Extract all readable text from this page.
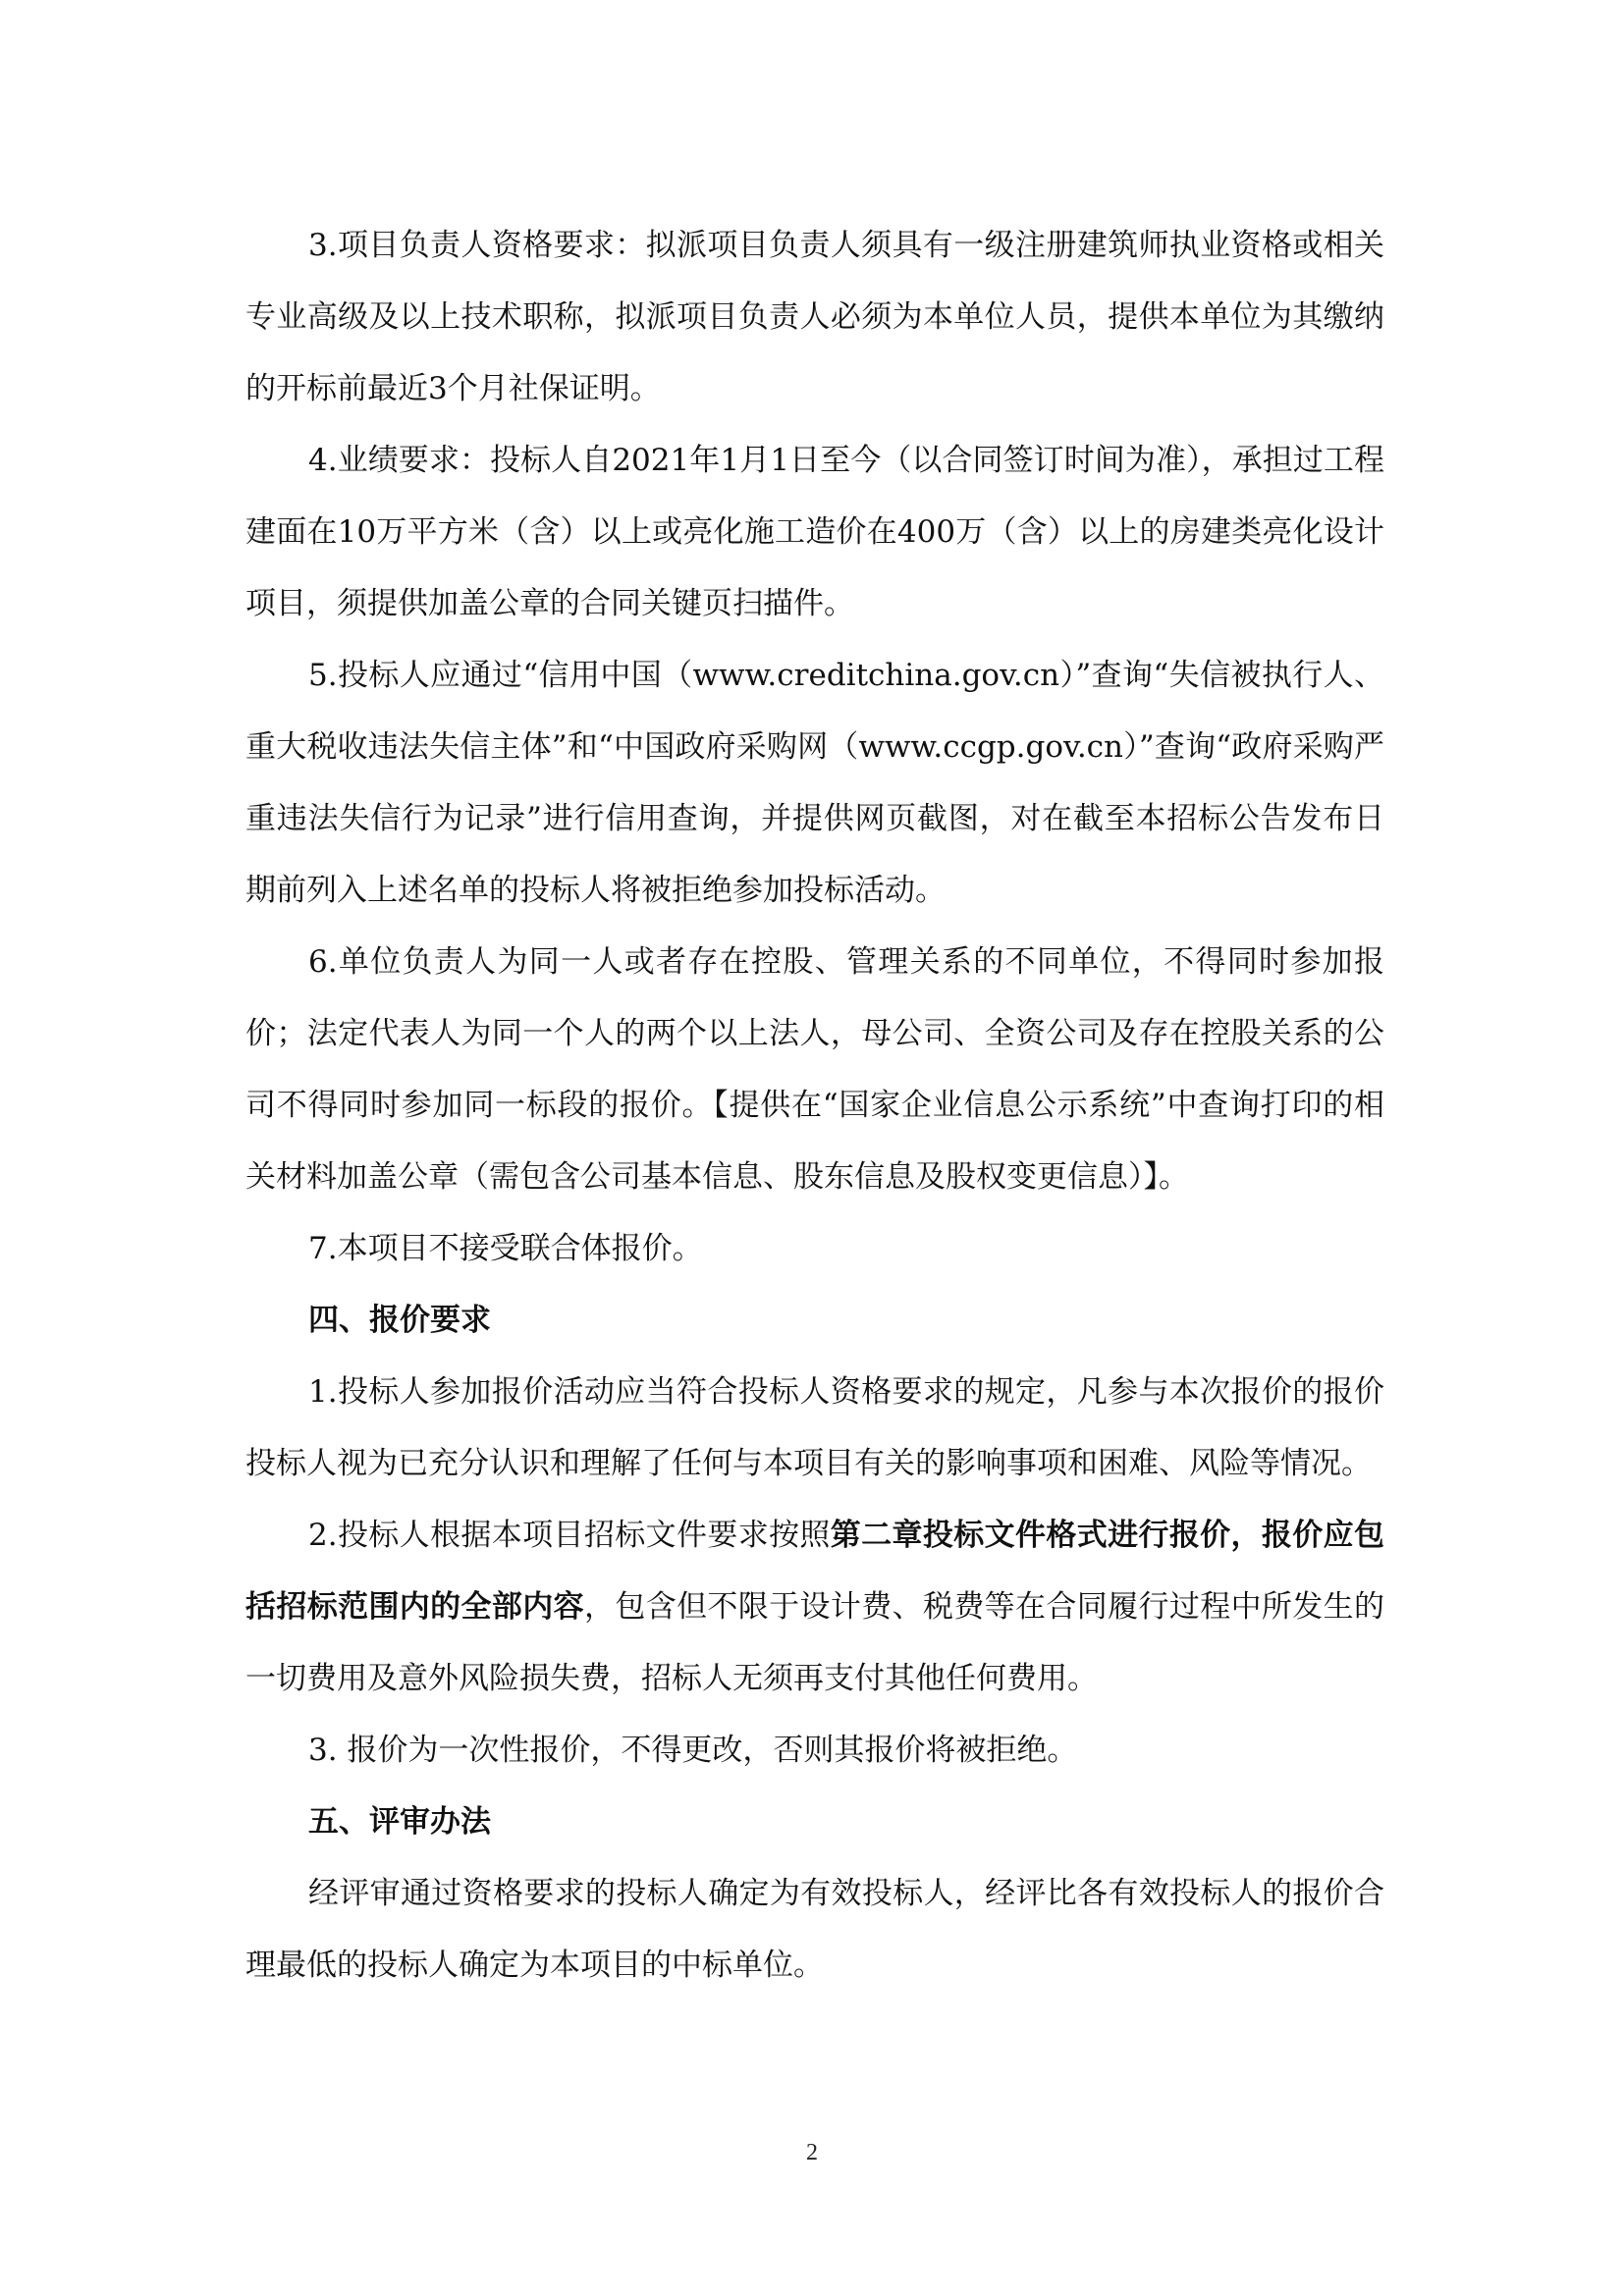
3.项目负责人资格要求：拟派项目负责人须具有一级注册建筑师执业资格或相关专业高级及以上技术职称，拟派项目负责人必须为本单位人员，提供本单位为其缴纳的开标前最近3个月社保证明。

4.业绩要求：投标人自2021年1月1日至今（以合同签订时间为准），承担过工程建面在10万平方米（含）以上或亮化施工造价在400万（含）以上的房建类亮化设计项目，须提供加盖公章的合同关键页扫描件。

5.投标人应通过“信用中国（www.creditchina.gov.cn）”查询“失信被执行人、重大税收违法失信主体”和“中国政府采购网（www.ccgp.gov.cn）”查询“政府采购严重违法失信行为记录”进行信用查询，并提供网页截图，对在截至本招标公告发布日期前列入上述名单的投标人将被拒绝参加投标活动。

6.单位负责人为同一人或者存在控股、管理关系的不同单位，不得同时参加报价；法定代表人为同一个人的两个以上法人，母公司、全资公司及存在控股关系的公司不得同时参加同一标段的报价。【提供在“国家企业信息公示系统”中查询打印的相关材料加盖公章（需包含公司基本信息、股东信息及股权变更信息）】。

7.本项目不接受联合体报价。

四、报价要求

1.投标人参加报价活动应当符合投标人资格要求的规定，凡参与本次报价的报价投标人视为已充分认识和理解了任何与本项目有关的影响事项和困难、风险等情况。

2.投标人根据本项目招标文件要求按照第二章投标文件格式进行报价，报价应包括招标范围内的全部内容，包含但不限于设计费、税费等在合同履行过程中所发生的一切费用及意外风险损失费，招标人无须再支付其他任何费用。

3. 报价为一次性报价，不得更改，否则其报价将被拒绝。

五、评审办法

经评审通过资格要求的投标人确定为有效投标人，经评比各有效投标人的报价合理最低的投标人确定为本项目的中标单位。

2
